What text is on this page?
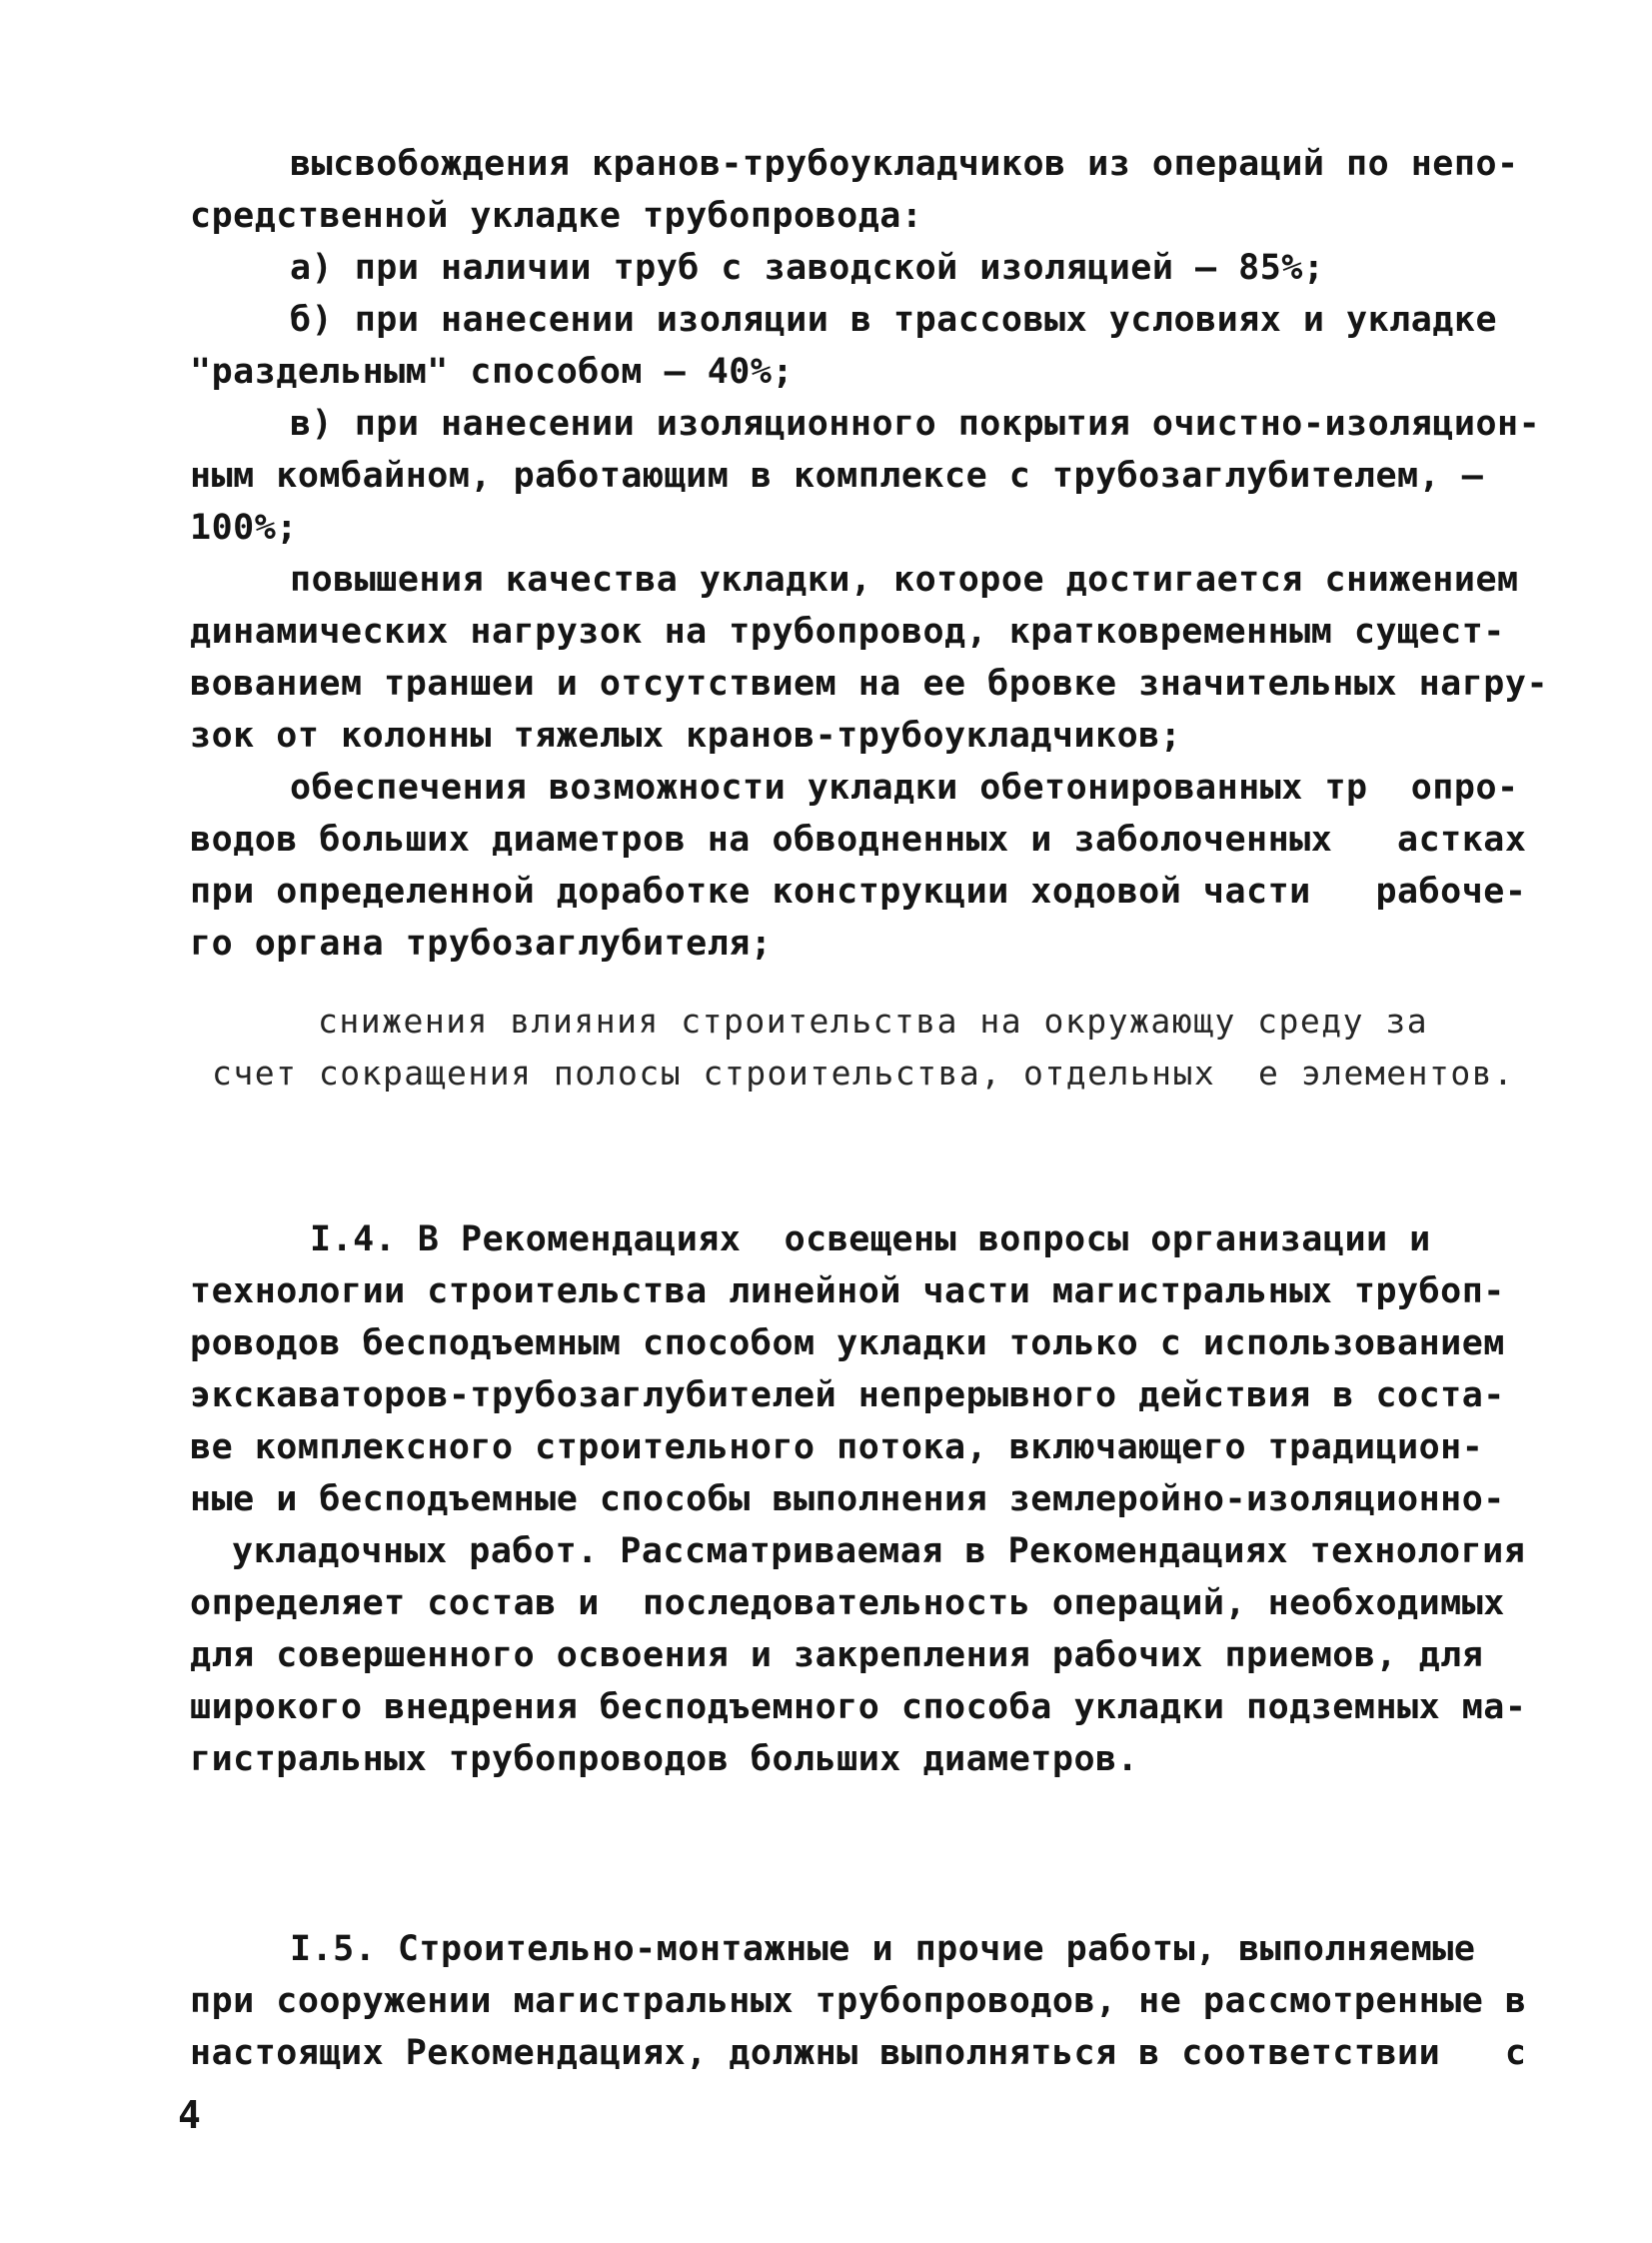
высвобождения кранов-трубоукладчиков из операций по непо-
средственной укладке трубопровода:
а) при наличии труб с заводской изоляцией – 85%;
б) при нанесении изоляции в трассовых условиях и укладке
"раздельным" способом – 40%;
в) при нанесении изоляционного покрытия очистно-изоляцион-
ным комбайном, работающим в комплексе с трубозаглубителем, –
100%;
повышения качества укладки, которое достигается снижением
динамических нагрузок на трубопровод, кратковременным сущест-
вованием траншеи и отсутствием на ее бровке значительных нагру-
зок от колонны тяжелых кранов-трубоукладчиков;
обеспечения возможности укладки обетонированных тр  опро-
водов больших диаметров на обводненных и заболоченных   астках
при определенной доработке конструкции ходовой части   рабоче-
го органа трубозаглубителя;
снижения влияния строительства на окружающу среду за
счет сокращения полосы строительства, отдельных  е элементов.
I.4. В Рекомендациях  освещены вопросы организации и
технологии строительства линейной части магистральных трубоп-
роводов бесподъемным способом укладки только с использованием
экскаваторов-трубозаглубителей непрерывного действия в соста-
ве комплексного строительного потока, включающего традицион-
ные и бесподъемные способы выполнения землеройно-изоляционно-
укладочных работ. Рассматриваемая в Рекомендациях технология
определяет состав и  последовательность операций, необходимых
для совершенного освоения и закрепления рабочих приемов, для
широкого внедрения бесподъемного способа укладки подземных ма-
гистральных трубопроводов больших диаметров.
I.5. Строительно-монтажные и прочие работы, выполняемые
при сооружении магистральных трубопроводов, не рассмотренные в
настоящих Рекомендациях, должны выполняться в соответствии   с
4
